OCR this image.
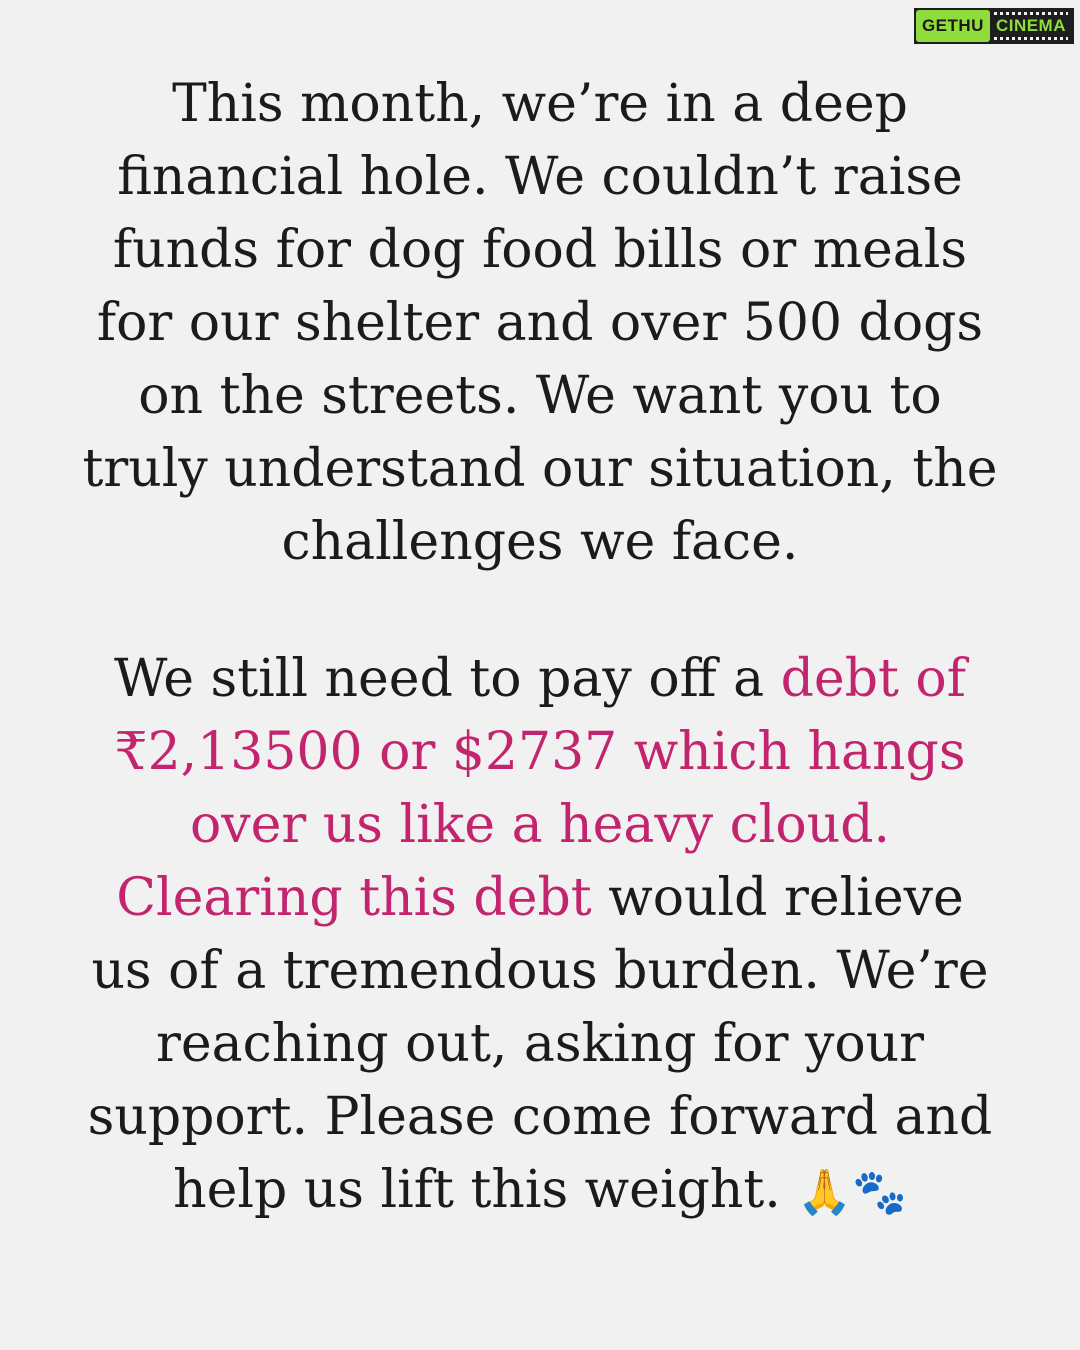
GETHU CINEMA

This month, we’re in a deep
financial hole. We couldn’t raise
funds for dog food bills or meals
for our shelter and over 500 dogs
on the streets. We want you to
truly understand our situation, the
challenges we face.

We still need to pay off a debt of
₹2,13500 or $2737 which hangs
over us like a heavy cloud.
Clearing this debt would relieve
us of a tremendous burden. We’re
reaching out, asking for your
support. Please come forward and
help us lift this weight. 🙏🐾
